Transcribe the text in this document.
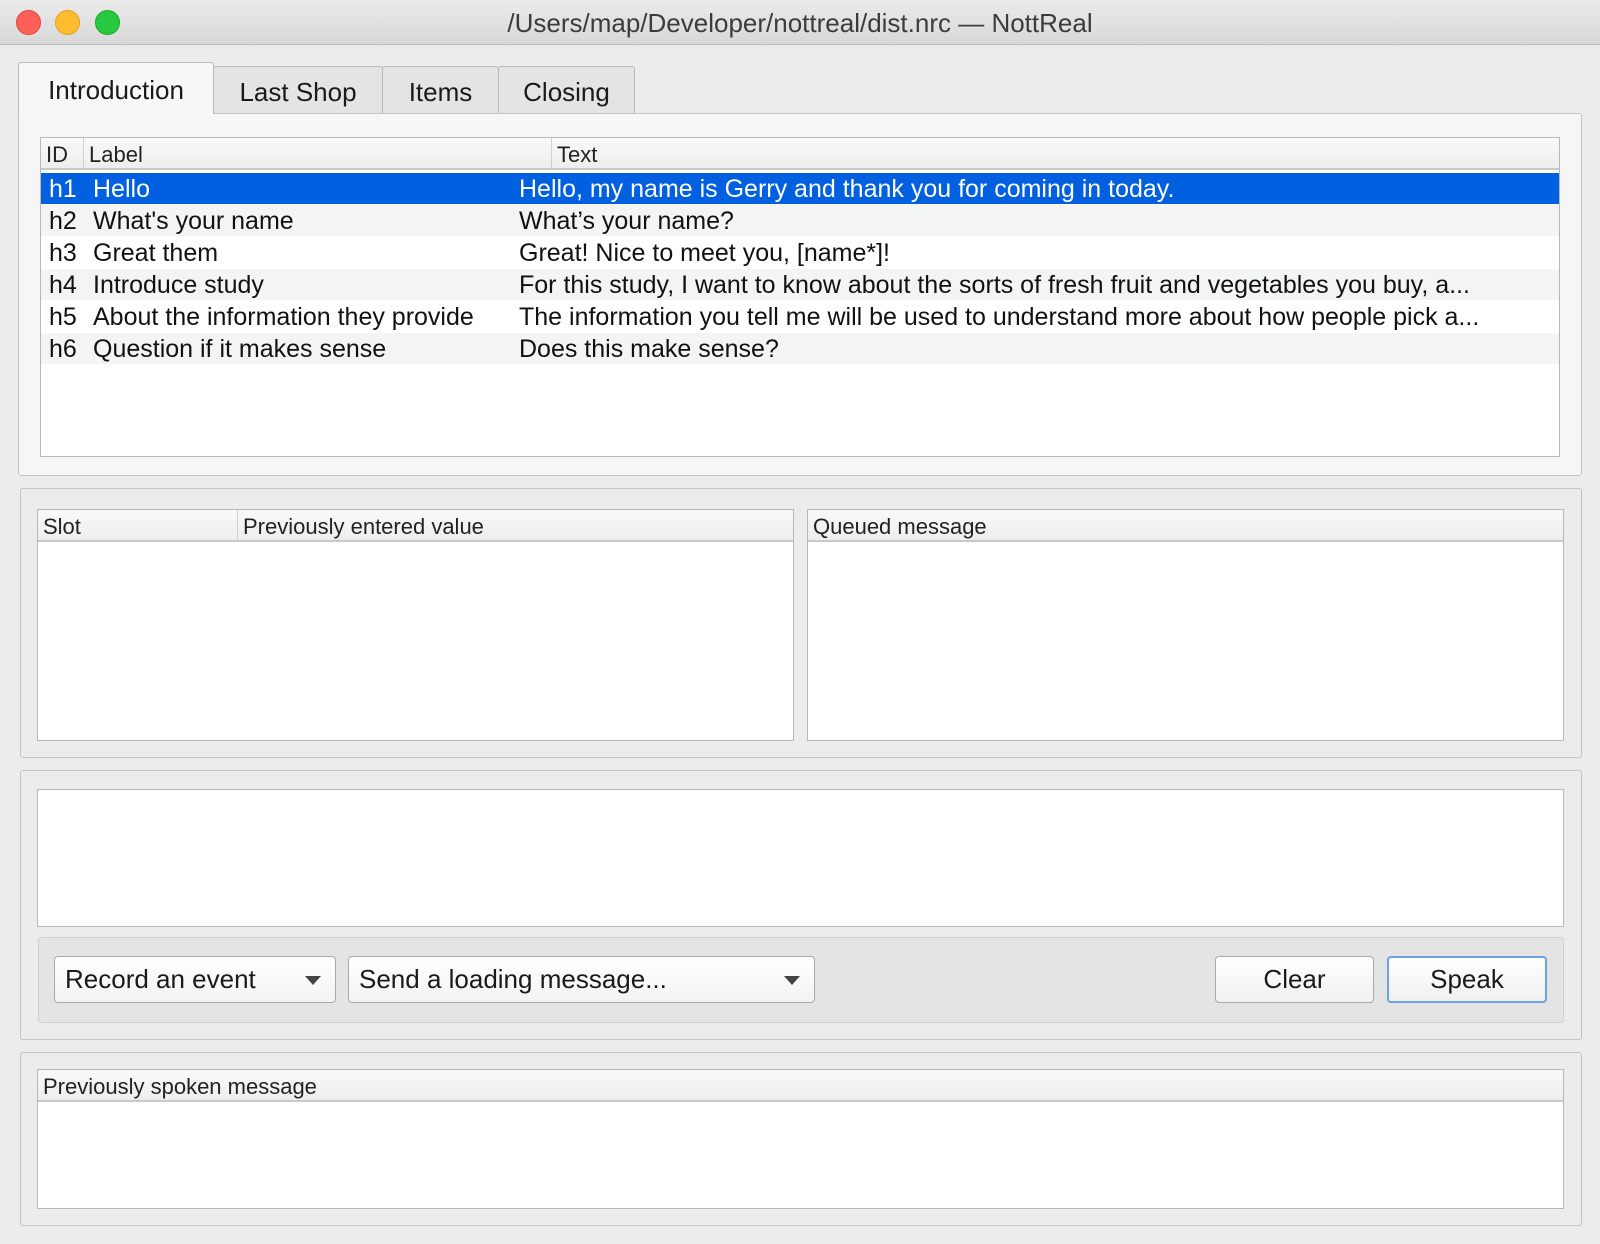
/Users/map/Developer/nottreal/dist.nrc — NottReal
Introduction	Last Shop	Items	Closing
ID Label	Text
h1 Hello	Hello, my name is Gerry and thank you for coming in today.
h2 What's your name	What’s your name?
h3 Great them	Great! Nice to meet you, [name*]!
h4 Introduce study	For this study, I want to know about the sorts of fresh fruit and vegetables you buy, a...
h5 About the information they provide	The information you tell me will be used to understand more about how people pick a...
h6 Question if it makes sense	Does this make sense?
Slot	Previously entered value	Queued message
Record an event	Send a loading message...	Clear	Speak
Previously spoken message
